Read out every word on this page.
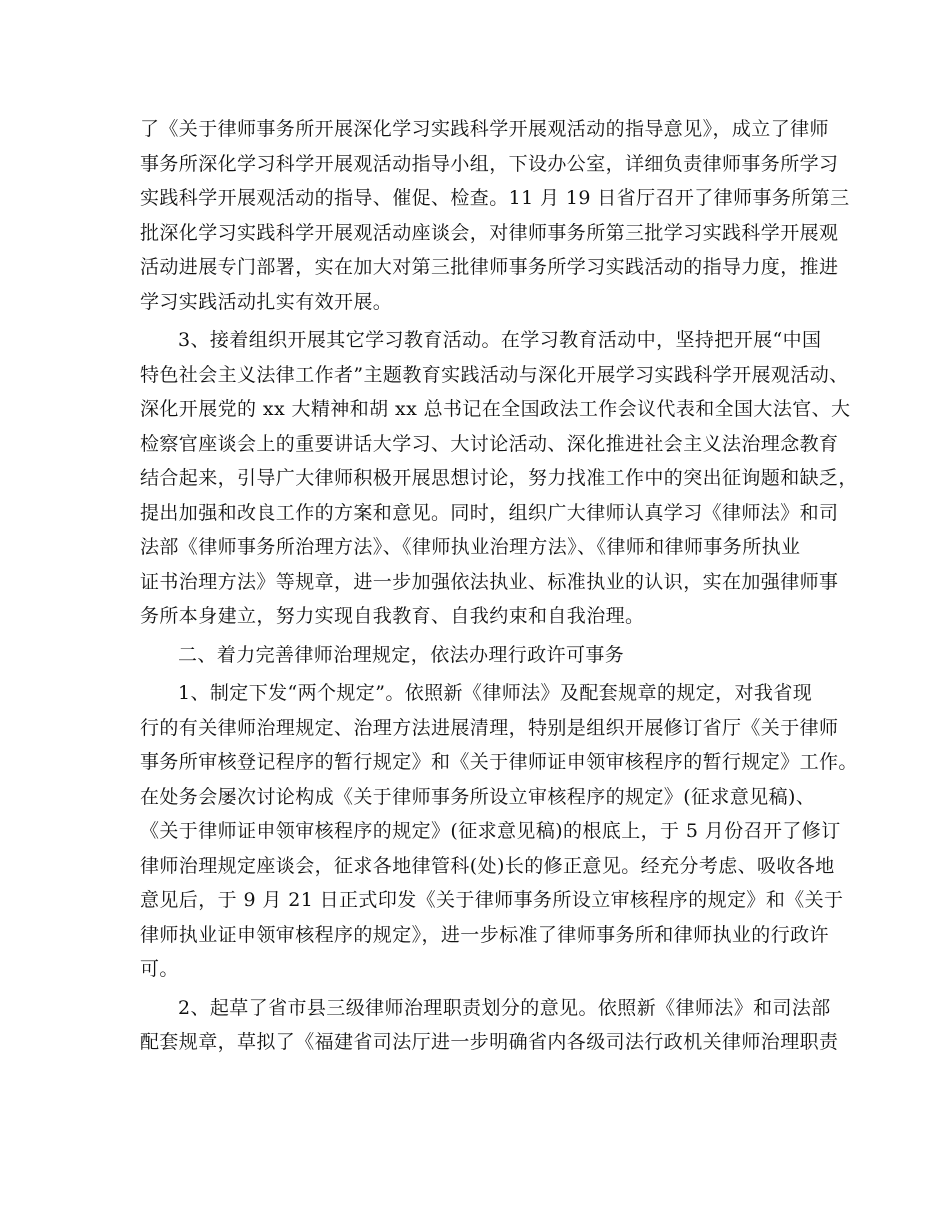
了《关于律师事务所开展深化学习实践科学开展观活动的指导意见》，成立了律师
事务所深化学习科学开展观活动指导小组，下设办公室，详细负责律师事务所学习
实践科学开展观活动的指导、催促、检查。11 月 19 日省厅召开了律师事务所第三
批深化学习实践科学开展观活动座谈会，对律师事务所第三批学习实践科学开展观
活动进展专门部署，实在加大对第三批律师事务所学习实践活动的指导力度，推进
学习实践活动扎实有效开展。
3、接着组织开展其它学习教育活动。在学习教育活动中，坚持把开展“中国
特色社会主义法律工作者”主题教育实践活动与深化开展学习实践科学开展观活动、
深化开展党的 xx 大精神和胡 xx 总书记在全国政法工作会议代表和全国大法官、大
检察官座谈会上的重要讲话大学习、大讨论活动、深化推进社会主义法治理念教育
结合起来，引导广大律师积极开展思想讨论，努力找准工作中的突出征询题和缺乏，
提出加强和改良工作的方案和意见。同时，组织广大律师认真学习《律师法》和司
法部《律师事务所治理方法》、《律师执业治理方法》、《律师和律师事务所执业
证书治理方法》等规章，进一步加强依法执业、标准执业的认识，实在加强律师事
务所本身建立，努力实现自我教育、自我约束和自我治理。
二、着力完善律师治理规定，依法办理行政许可事务
1、制定下发“两个规定”。依照新《律师法》及配套规章的规定，对我省现
行的有关律师治理规定、治理方法进展清理，特别是组织开展修订省厅《关于律师
事务所审核登记程序的暂行规定》和《关于律师证申领审核程序的暂行规定》工作。
在处务会屡次讨论构成《关于律师事务所设立审核程序的规定》(征求意见稿)、
《关于律师证申领审核程序的规定》(征求意见稿)的根底上，于 5 月份召开了修订
律师治理规定座谈会，征求各地律管科(处)长的修正意见。经充分考虑、吸收各地
意见后，于 9 月 21 日正式印发《关于律师事务所设立审核程序的规定》和《关于
律师执业证申领审核程序的规定》，进一步标准了律师事务所和律师执业的行政许
可。
2、起草了省市县三级律师治理职责划分的意见。依照新《律师法》和司法部
配套规章，草拟了《福建省司法厅进一步明确省内各级司法行政机关律师治理职责
